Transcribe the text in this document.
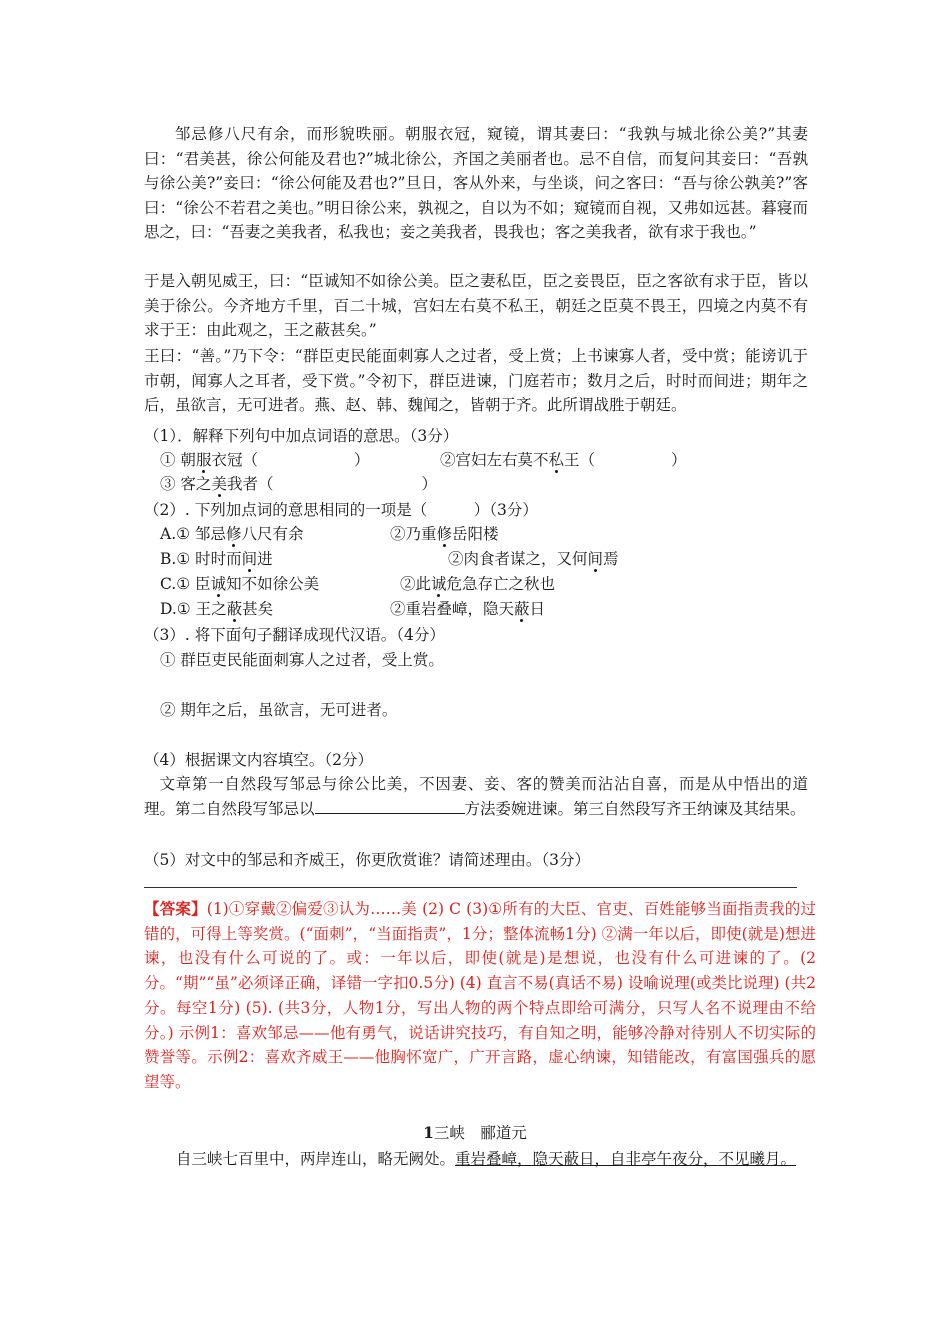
邹忌修八尺有余，而形貌昳丽。朝服衣冠，窥镜，谓其妻曰：“我孰与城北徐公美?”其妻曰：“君美甚，徐公何能及君也?”城北徐公，齐国之美丽者也。忌不自信，而复问其妾曰：“吾孰与徐公美?”妾曰：“徐公何能及君也?”旦日，客从外来，与坐谈，问之客曰：“吾与徐公孰美?”客曰：“徐公不若君之美也。”明日徐公来，孰视之，自以为不如；窥镜而自视，又弗如远甚。暮寝而思之，曰：“吾妻之美我者，私我也；妾之美我者，畏我也；客之美我者，欲有求于我也。”

于是入朝见威王，曰：“臣诚知不如徐公美。臣之妻私臣，臣之妾畏臣，臣之客欲有求于臣，皆以美于徐公。今齐地方千里，百二十城，宫妇左右莫不私王，朝廷之臣莫不畏王，四境之内莫不有求于王：由此观之，王之蔽甚矣。”

王曰：“善。”乃下令：“群臣吏民能面刺寡人之过者，受上赏；上书谏寡人者，受中赏；能谤讥于市朝，闻寡人之耳者，受下赏。”令初下，群臣进谏，门庭若市；数月之后，时时而间进；期年之后，虽欲言，无可进者。燕、赵、韩、魏闻之，皆朝于齐。此所谓战胜于朝廷。

（1）．解释下列句中加点词语的意思。（3分）

① 朝服衣冠（	）	②宫妇左右莫不私王（	）

③ 客之美我者（	）

（2）. 下列加点词的意思相同的一项是（　　　）（3分）

A.① 邹忌修八尺有余	②乃重修岳阳楼

B.① 时时而间进	②肉食者谋之，又何间焉

C.① 臣诚知不如徐公美	②此诚危急存亡之秋也

D.① 王之蔽甚矣	②重岩叠嶂，隐天蔽日

（3）. 将下面句子翻译成现代汉语。（4分）

① 群臣吏民能面刺寡人之过者，受上赏。

② 期年之后，虽欲言，无可进者。

（4）根据课文内容填空。（2分）

文章第一自然段写邹忌与徐公比美，不因妻、妾、客的赞美而沾沾自喜，而是从中悟出的道理。第二自然段写邹忌以	方法委婉进谏。第三自然段写齐王纳谏及其结果。

（5）对文中的邹忌和齐威王，你更欣赏谁？请简述理由。（3分）

【答案】(1)①穿戴②偏爱③认为……美 (2) C (3)①所有的大臣、官吏、百姓能够当面指责我的过错的，可得上等奖赏。(“面刺”，“当面指责”，1分；整体流畅1分) ②满一年以后，即使(就是)想进谏，也没有什么可说的了。或：一年以后，即使(就是)是想说，也没有什么可进谏的了。(2分。“期”“虽”必须译正确，译错一字扣0.5分) (4) 直言不易(真话不易) 设喻说理(或类比说理) (共2分。每空1分) (5). (共3分，人物1分，写出人物的两个特点即给可满分，只写人名不说理由不给分。) 示例1：喜欢邹忌——他有勇气，说话讲究技巧，有自知之明，能够冷静对待别人不切实际的赞誉等。示例2：喜欢齐威王——他胸怀宽广，广开言路，虚心纳谏，知错能改，有富国强兵的愿望等。

1三峡　郦道元

自三峡七百里中，两岸连山，略无阙处。重岩叠嶂，隐天蔽日，自非亭午夜分，不见曦月。
